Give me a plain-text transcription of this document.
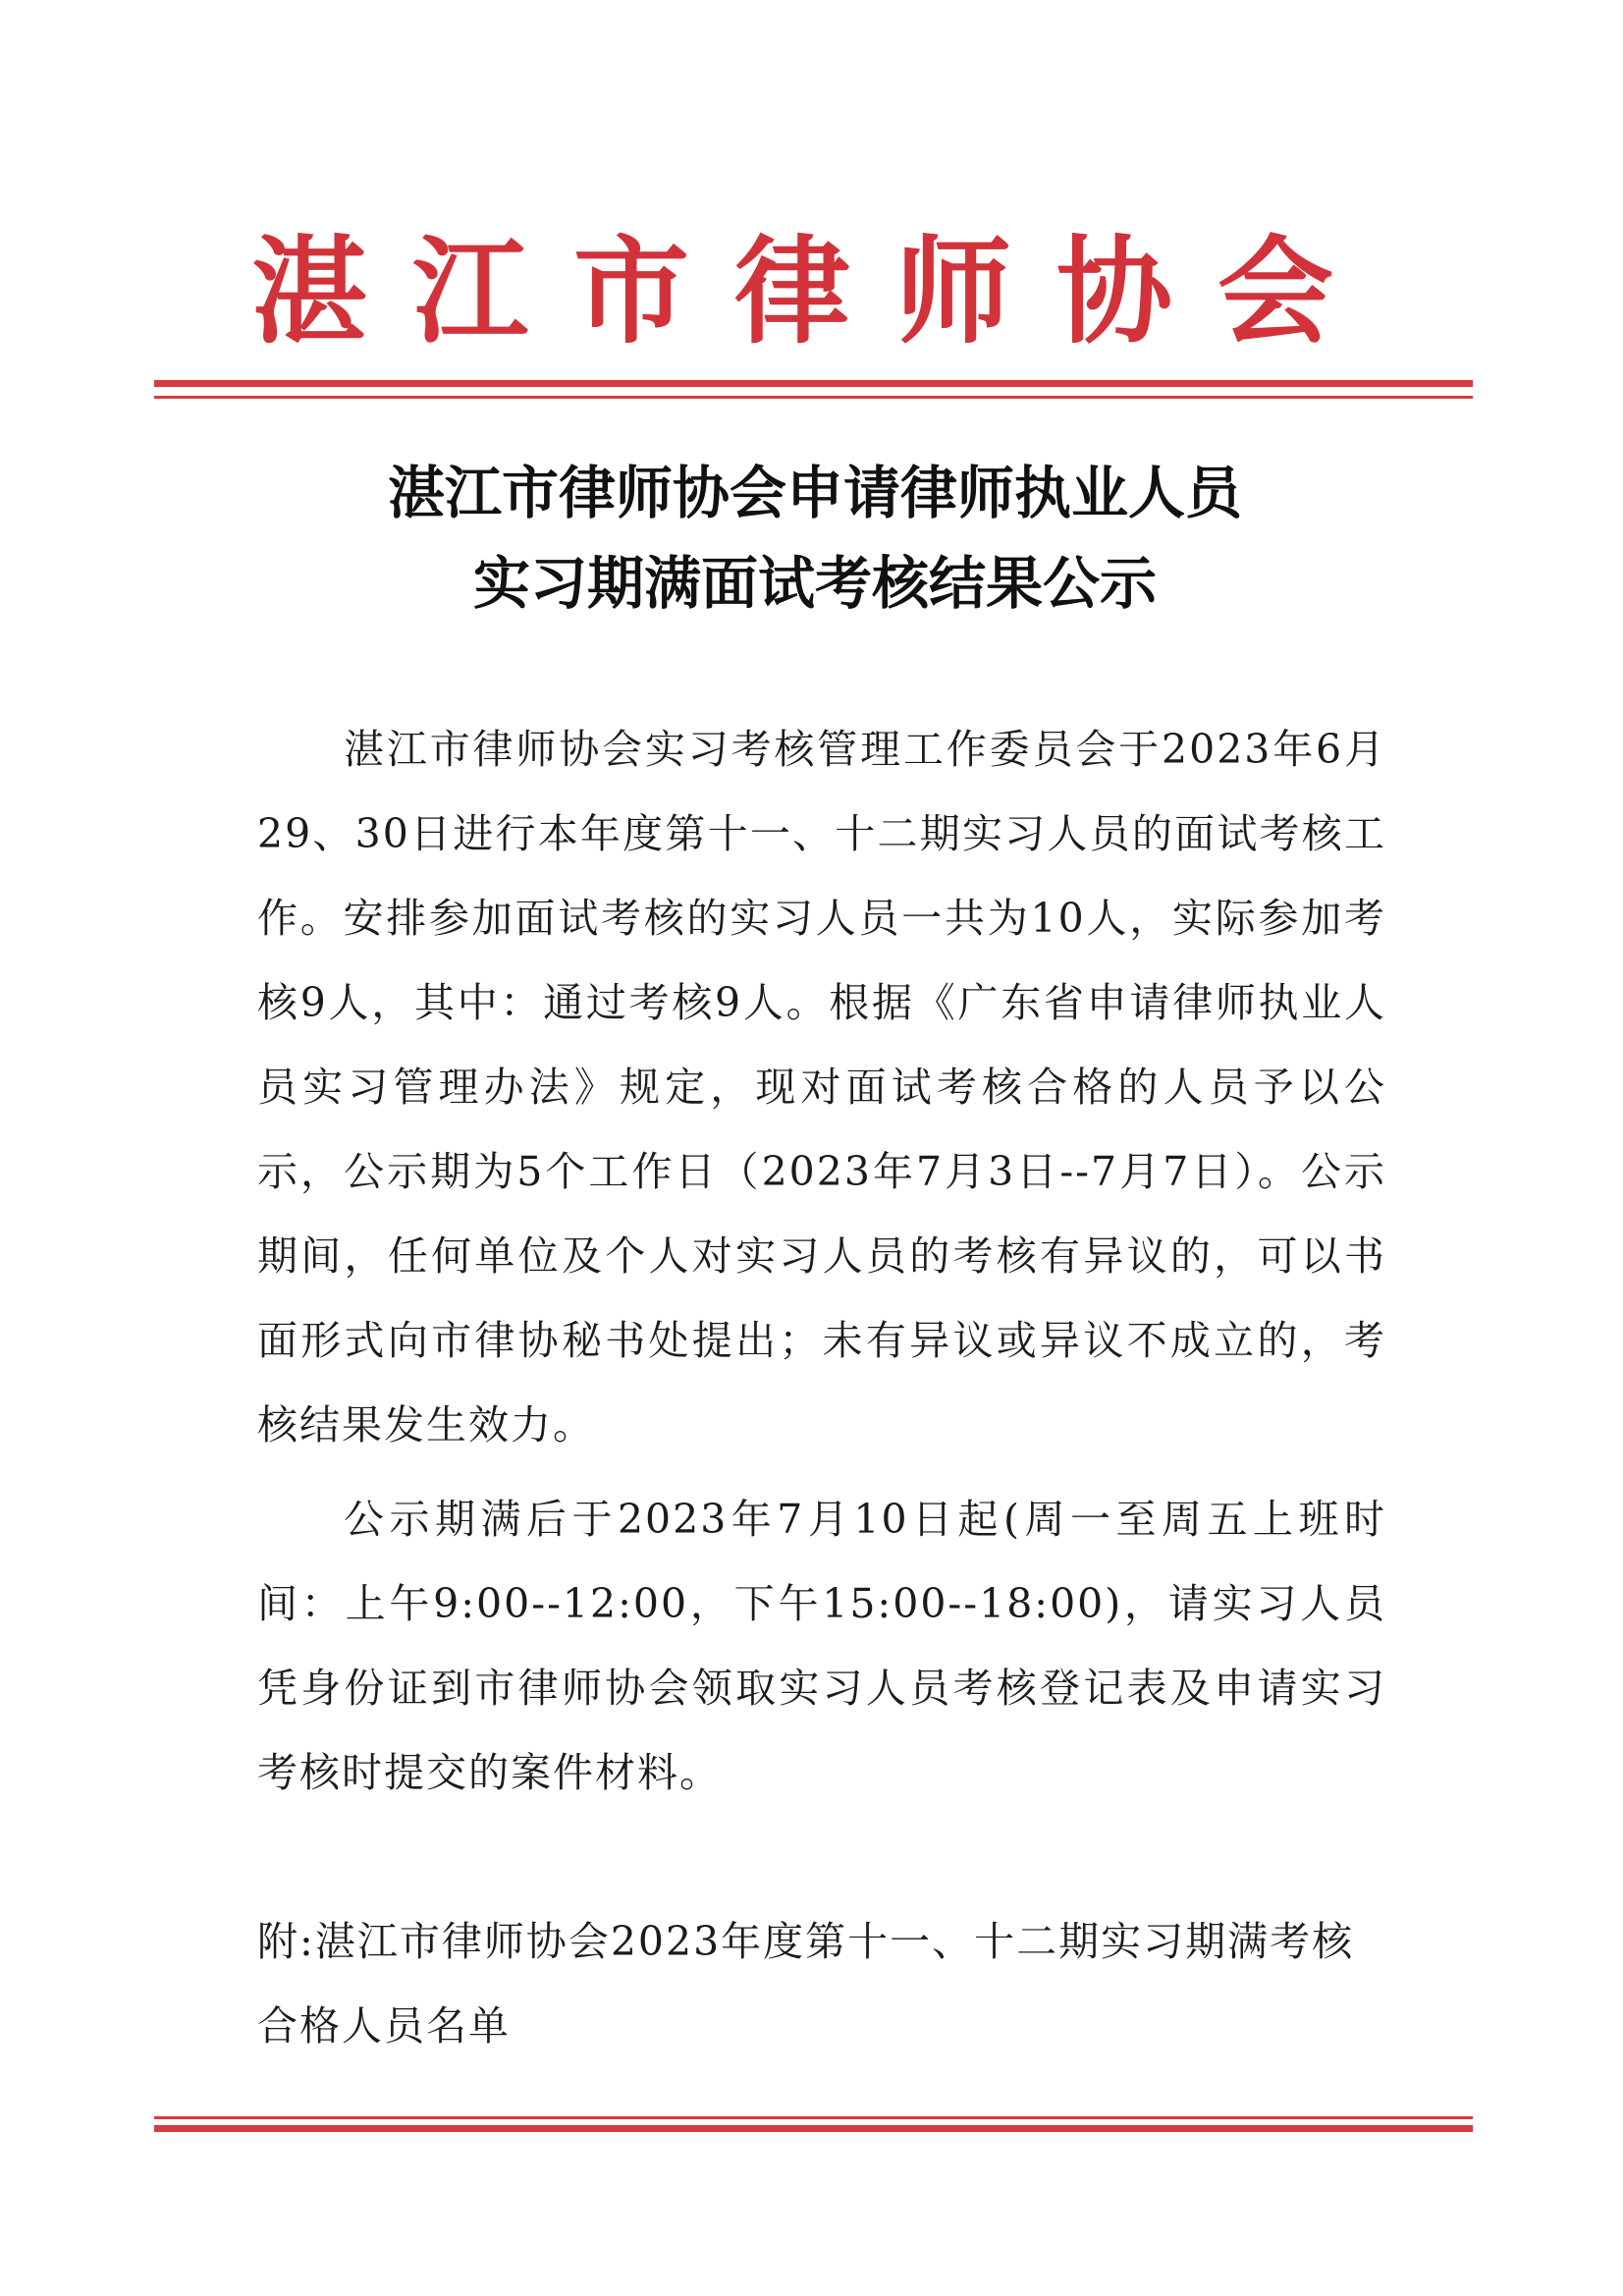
湛江市律师协会
湛江市律师协会申请律师执业人员
实习期满面试考核结果公示

湛江市律师协会实习考核管理工作委员会于2023年6月29、30日进行本年度第十一、十二期实习人员的面试考核工作。安排参加面试考核的实习人员一共为10人，实际参加考核9人，其中：通过考核9人。根据《广东省申请律师执业人员实习管理办法》规定，现对面试考核合格的人员予以公示，公示期为5个工作日（2023年7月3日--7月7日）。公示期间，任何单位及个人对实习人员的考核有异议的，可以书面形式向市律协秘书处提出；未有异议或异议不成立的，考核结果发生效力。

公示期满后于2023年7月10日起(周一至周五上班时间：上午9:00--12:00，下午15:00--18:00)，请实习人员凭身份证到市律师协会领取实习人员考核登记表及申请实习考核时提交的案件材料。

附:湛江市律师协会2023年度第十一、十二期实习期满考核合格人员名单
